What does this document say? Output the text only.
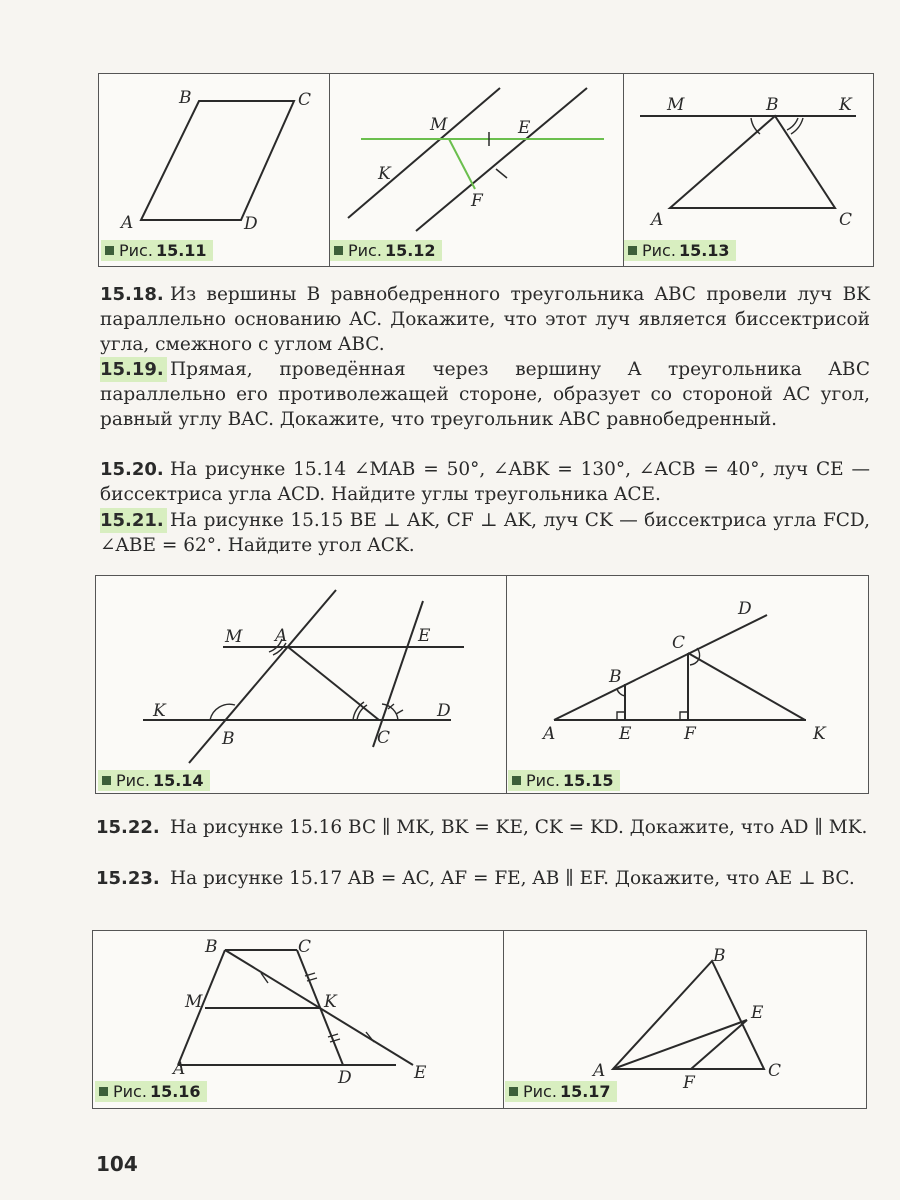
B	C
A	D
M	E
K
F
M	B	K
A	C
Рис. 15.11	Рис. 15.12	Рис. 15.13
15.18. Из вершины B равнобедренного треугольника ABC провели луч BK параллельно основанию AC. Докажите, что этот луч является биссектрисой угла, смежного с углом ABC.
15.19. Прямая, проведённая через вершину A треугольника ABC параллельно его противолежащей стороне, образует со стороной AC угол, равный углу BAC. Докажите, что треугольник ABC равнобедренный.
15.20. На рисунке 15.14 ∠MAB = 50°, ∠ABK = 130°, ∠ACB = 40°, луч CE — биссектриса угла ACD. Найдите углы треугольника ACE.
15.21. На рисунке 15.15 BE ⊥ AK, CF ⊥ AK, луч CK — биссектриса угла FCD, ∠ABE = 62°. Найдите угол ACK.
M A	E
K	D
B	C
D
C
B
A	E	F	K
Рис. 15.14	Рис. 15.15
15.22. На рисунке 15.16 BC ∥ MK, BK = KE, CK = KD. Докажите, что AD ∥ MK.
15.23. На рисунке 15.17 AB = AC, AF = FE, AB ∥ EF. Докажите, что AE ⊥ BC.
B	C
M	K
A	D	E
B
E
A
F
C
Рис. 15.16	Рис. 15.17
104
